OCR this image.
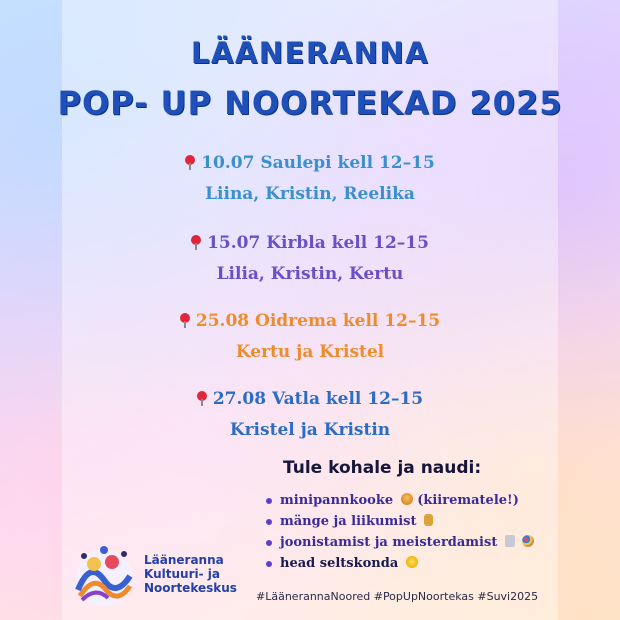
LÄÄNERANNA
POP- UP NOORTEKAD 2025
10.07 Saulepi kell 12–15
Liina, Kristin, Reelika
15.07 Kirbla kell 12–15
Lilia, Kristin, Kertu
25.08 Oidrema kell 12–15
Kertu ja Kristel
27.08 Vatla kell 12–15
Kristel ja Kristin
Tule kohale ja naudi:
minipannkooke (kiirematele!)
mänge ja liikumist
joonistamist ja meisterdamist
head seltskonda
Läänerannа
Kultuuri- ja
Noortekeskus
#LäänerannaNoored #PopUpNoortekas #Suvi2025
